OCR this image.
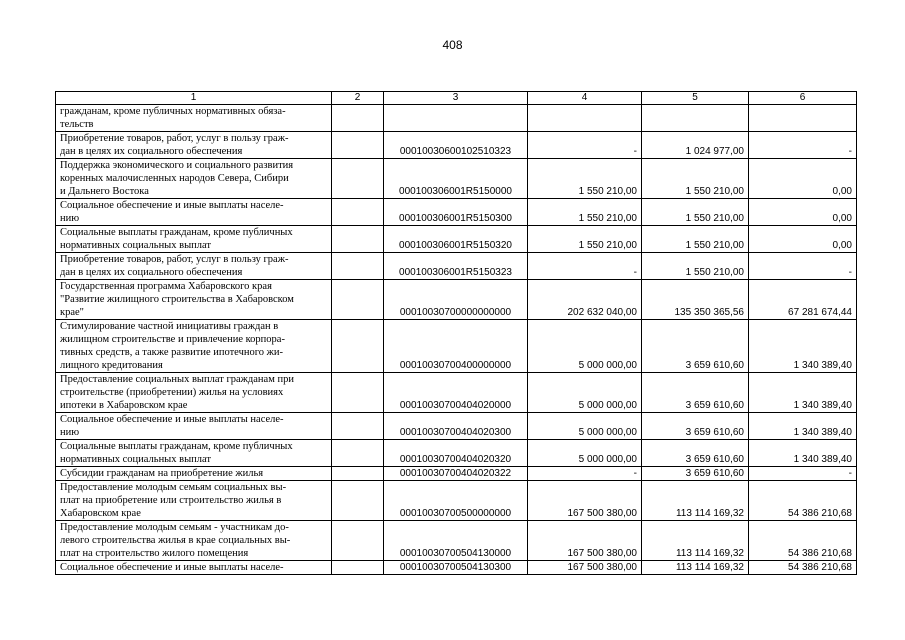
408
1	2	3	4	5	6
гражданам, кроме публичных нормативных обяза-
тельств					
Приобретение товаров, работ, услуг в пользу граж-
дан в целях их социального обеспечения		00010030600102510323	-	1 024 977,00	-
Поддержка экономического и социального развития
коренных малочисленных народов Севера, Сибири
и Дальнего Востока		000100306001R5150000	1 550 210,00	1 550 210,00	0,00
Социальное обеспечение и иные выплаты населе-
нию		000100306001R5150300	1 550 210,00	1 550 210,00	0,00
Социальные выплаты гражданам, кроме публичных
нормативных социальных выплат		000100306001R5150320	1 550 210,00	1 550 210,00	0,00
Приобретение товаров, работ, услуг в пользу граж-
дан в целях их социального обеспечения		000100306001R5150323	-	1 550 210,00	-
Государственная программа Хабаровского края
"Развитие жилищного строительства в Хабаровском
крае"		00010030700000000000	202 632 040,00	135 350 365,56	67 281 674,44
Стимулирование частной инициативы граждан в
жилищном строительстве и привлечение корпора-
тивных средств, а также развитие ипотечного жи-
лищного кредитования		00010030700400000000	5 000 000,00	3 659 610,60	1 340 389,40
Предоставление социальных выплат гражданам при
строительстве (приобретении) жилья на условиях
ипотеки в Хабаровском крае		00010030700404020000	5 000 000,00	3 659 610,60	1 340 389,40
Социальное обеспечение и иные выплаты населе-
нию		00010030700404020300	5 000 000,00	3 659 610,60	1 340 389,40
Социальные выплаты гражданам, кроме публичных
нормативных социальных выплат		00010030700404020320	5 000 000,00	3 659 610,60	1 340 389,40
Субсидии гражданам на приобретение жилья		00010030700404020322	-	3 659 610,60	-
Предоставление молодым семьям социальных вы-
плат на приобретение или строительство жилья в
Хабаровском крае		00010030700500000000	167 500 380,00	113 114 169,32	54 386 210,68
Предоставление молодым семьям - участникам до-
левого строительства жилья в крае социальных вы-
плат на строительство жилого помещения		00010030700504130000	167 500 380,00	113 114 169,32	54 386 210,68
Социальное обеспечение и иные выплаты населе-		00010030700504130300	167 500 380,00	113 114 169,32	54 386 210,68
